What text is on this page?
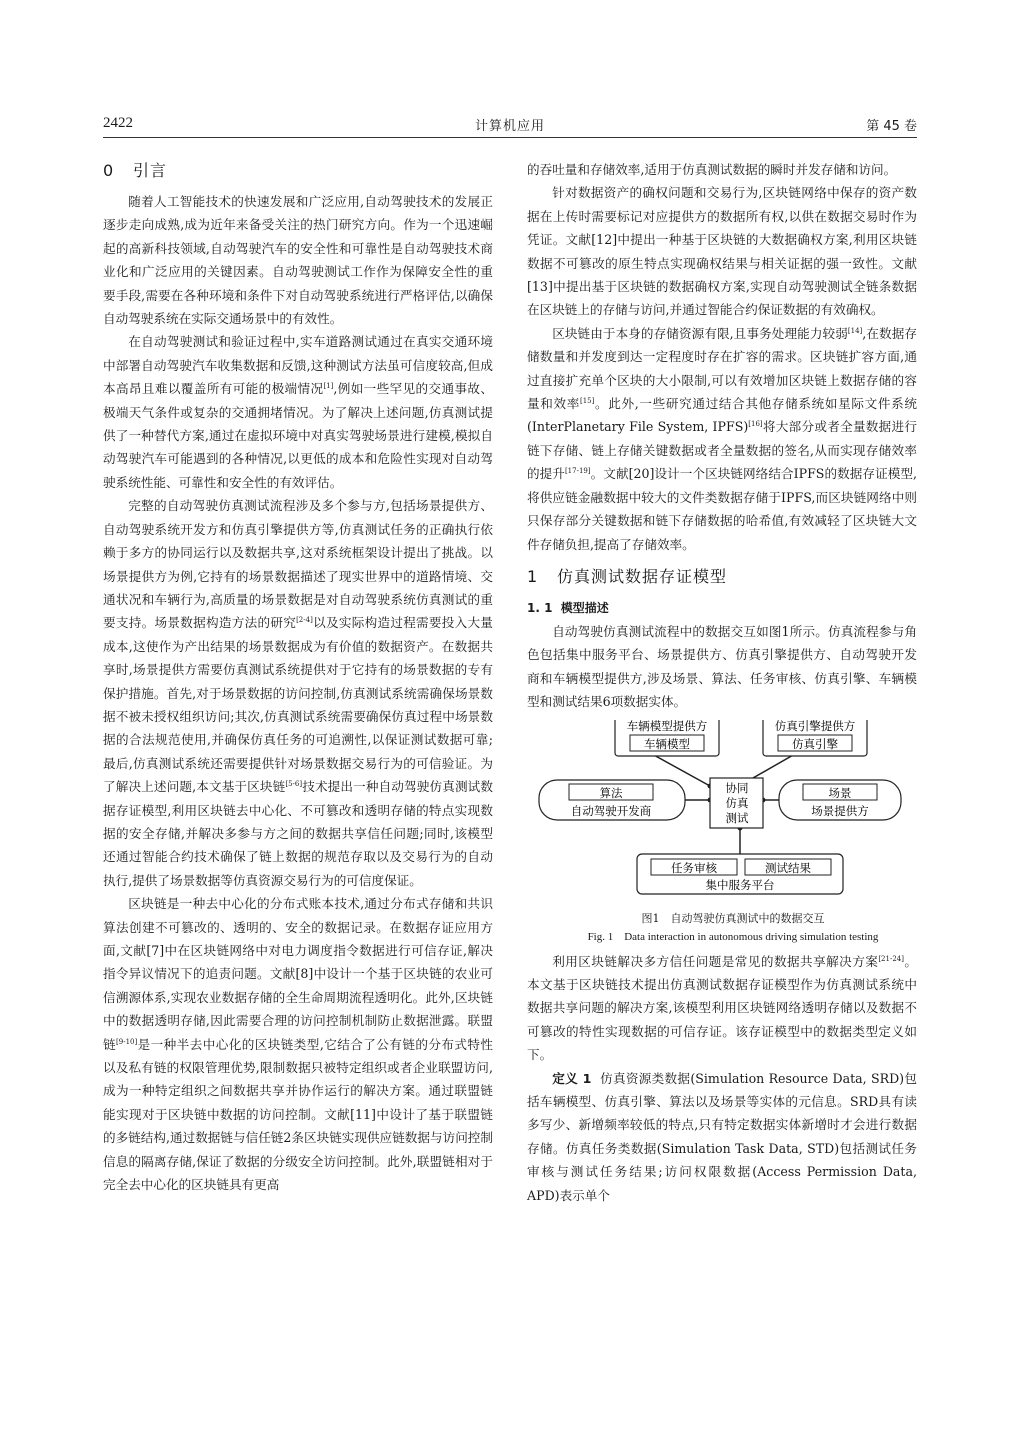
2422	计算机应用	第 45 卷
0 引言

随着人工智能技术的快速发展和广泛应用,自动驾驶技术的发展正逐步走向成熟,成为近年来备受关注的热门研究方向。作为一个迅速崛起的高新科技领域,自动驾驶汽车的安全性和可靠性是自动驾驶技术商业化和广泛应用的关键因素。自动驾驶测试工作作为保障安全性的重要手段,需要在各种环境和条件下对自动驾驶系统进行严格评估,以确保自动驾驶系统在实际交通场景中的有效性。

在自动驾驶测试和验证过程中,实车道路测试通过在真实交通环境中部署自动驾驶汽车收集数据和反馈,这种测试方法虽可信度较高,但成本高昂且难以覆盖所有可能的极端情况[1],例如一些罕见的交通事故、极端天气条件或复杂的交通拥堵情况。为了解决上述问题,仿真测试提供了一种替代方案,通过在虚拟环境中对真实驾驶场景进行建模,模拟自动驾驶汽车可能遇到的各种情况,以更低的成本和危险性实现对自动驾驶系统性能、可靠性和安全性的有效评估。

完整的自动驾驶仿真测试流程涉及多个参与方,包括场景提供方、自动驾驶系统开发方和仿真引擎提供方等,仿真测试任务的正确执行依赖于多方的协同运行以及数据共享,这对系统框架设计提出了挑战。以场景提供方为例,它持有的场景数据描述了现实世界中的道路情境、交通状况和车辆行为,高质量的场景数据是对自动驾驶系统仿真测试的重要支持。场景数据构造方法的研究[2-4]以及实际构造过程需要投入大量成本,这使作为产出结果的场景数据成为有价值的数据资产。在数据共享时,场景提供方需要仿真测试系统提供对于它持有的场景数据的专有保护措施。首先,对于场景数据的访问控制,仿真测试系统需确保场景数据不被未授权组织访问;其次,仿真测试系统需要确保仿真过程中场景数据的合法规范使用,并确保仿真任务的可追溯性,以保证测试数据可靠;最后,仿真测试系统还需要提供针对场景数据交易行为的可信验证。为了解决上述问题,本文基于区块链[5-6]技术提出一种自动驾驶仿真测试数据存证模型,利用区块链去中心化、不可篡改和透明存储的特点实现数据的安全存储,并解决多参与方之间的数据共享信任问题;同时,该模型还通过智能合约技术确保了链上数据的规范存取以及交易行为的自动执行,提供了场景数据等仿真资源交易行为的可信度保证。

区块链是一种去中心化的分布式账本技术,通过分布式存储和共识算法创建不可篡改的、透明的、安全的数据记录。在数据存证应用方面,文献[7]中在区块链网络中对电力调度指令数据进行可信存证,解决指令异议情况下的追责问题。文献[8]中设计一个基于区块链的农业可信溯源体系,实现农业数据存储的全生命周期流程透明化。此外,区块链中的数据透明存储,因此需要合理的访问控制机制防止数据泄露。联盟链[9-10]是一种半去中心化的区块链类型,它结合了公有链的分布式特性以及私有链的权限管理优势,限制数据只被特定组织或者企业联盟访问,成为一种特定组织之间数据共享并协作运行的解决方案。通过联盟链能实现对于区块链中数据的访问控制。文献[11]中设计了基于联盟链的多链结构,通过数据链与信任链2条区块链实现供应链数据与访问控制信息的隔离存储,保证了数据的分级安全访问控制。此外,联盟链相对于完全去中心化的区块链具有更高

的吞吐量和存储效率,适用于仿真测试数据的瞬时并发存储和访问。

针对数据资产的确权问题和交易行为,区块链网络中保存的资产数据在上传时需要标记对应提供方的数据所有权,以供在数据交易时作为凭证。文献[12]中提出一种基于区块链的大数据确权方案,利用区块链数据不可篡改的原生特点实现确权结果与相关证据的强一致性。文献[13]中提出基于区块链的数据确权方案,实现自动驾驶测试全链条数据在区块链上的存储与访问,并通过智能合约保证数据的有效确权。

区块链由于本身的存储资源有限,且事务处理能力较弱[14],在数据存储数量和并发度到达一定程度时存在扩容的需求。区块链扩容方面,通过直接扩充单个区块的大小限制,可以有效增加区块链上数据存储的容量和效率[15]。此外,一些研究通过结合其他存储系统如星际文件系统(InterPlanetary File System, IPFS)[16]将大部分或者全量数据进行链下存储、链上存储关键数据或者全量数据的签名,从而实现存储效率的提升[17-19]。文献[20]设计一个区块链网络结合IPFS的数据存证模型,将供应链金融数据中较大的文件类数据存储于IPFS,而区块链网络中则只保存部分关键数据和链下存储数据的哈希值,有效减轻了区块链大文件存储负担,提高了存储效率。

1 仿真测试数据存证模型
1. 1 模型描述

自动驾驶仿真测试流程中的数据交互如图1所示。仿真流程参与角色包括集中服务平台、场景提供方、仿真引擎提供方、自动驾驶开发商和车辆模型提供方,涉及场景、算法、任务审核、仿真引擎、车辆模型和测试结果6项数据实体。

车辆模型提供方
车辆模型
仿真引擎提供方
仿真引擎
算法
自动驾驶开发商
协同
仿真
测试
场景
场景提供方
任务审核	测试结果
集中服务平台

图1　自动驾驶仿真测试中的数据交互

Fig. 1　Data interaction in autonomous driving simulation testing

利用区块链解决多方信任问题是常见的数据共享解决方案[21-24]。本文基于区块链技术提出仿真测试数据存证模型作为仿真测试系统中数据共享问题的解决方案,该模型利用区块链网络透明存储以及数据不可篡改的特性实现数据的可信存证。该存证模型中的数据类型定义如下。

定义 1 仿真资源类数据(Simulation Resource Data, SRD)包括车辆模型、仿真引擎、算法以及场景等实体的元信息。SRD具有读多写少、新增频率较低的特点,只有特定数据实体新增时才会进行数据存储。仿真任务类数据(Simulation Task Data, STD)包括测试任务审核与测试任务结果;访问权限数据(Access Permission Data, APD)表示单个
